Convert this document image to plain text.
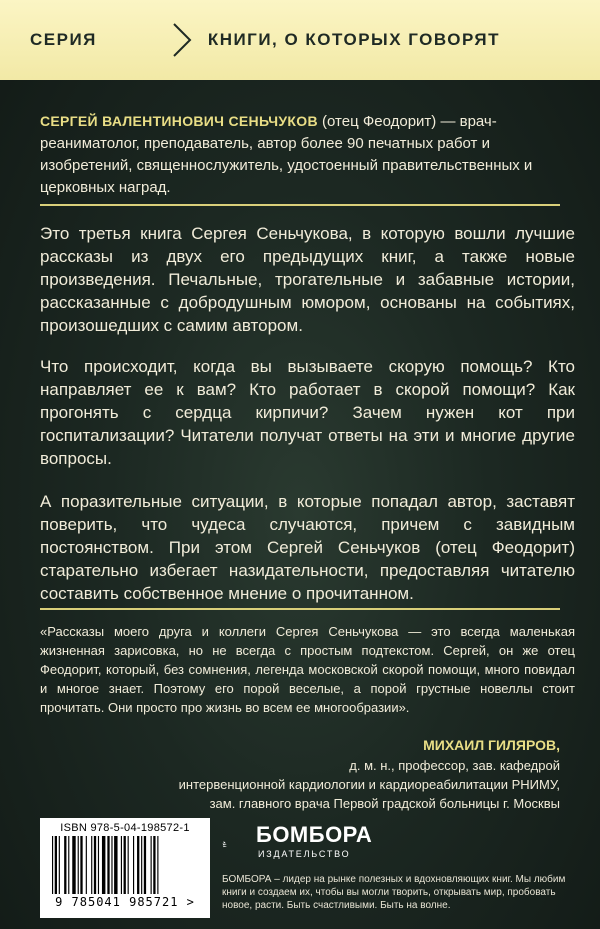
СЕРИЯ	КНИГИ, О КОТОРЫХ ГОВОРЯТ
СЕРГЕЙ ВАЛЕНТИНОВИЧ СЕНЬЧУКОВ (отец Феодорит) — врач-реаниматолог, преподаватель, автор более 90 печатных работ и изобретений, священнослужитель, удостоенный правительственных и церковных наград.

Это третья книга Сергея Сеньчукова, в которую вошли лучшие рассказы из двух его предыдущих книг, а также новые произведения. Печальные, трогательные и забавные истории, рассказанные с добродушным юмором, основаны на событиях, произошедших с самим автором.

Что происходит, когда вы вызываете скорую помощь? Кто направляет ее к вам? Кто работает в скорой помощи? Как прогонять с сердца кирпичи? Зачем нужен кот при госпитализации? Читатели получат ответы на эти и многие другие вопросы.

А поразительные ситуации, в которые попадал автор, заставят поверить, что чудеса случаются, причем с завидным постоянством. При этом Сергей Сеньчуков (отец Феодорит) старательно избегает назидательности, предоставляя читателю составить собственное мнение о прочитанном.

«Рассказы моего друга и коллеги Сергея Сеньчукова — это всегда маленькая жизненная зарисовка, но не всегда с простым подтекстом. Сергей, он же отец Феодорит, который, без сомнения, легенда московской скорой помощи, много повидал и многое знает. Поэтому его порой веселые, а порой грустные новеллы стоит прочитать. Они просто про жизнь во всем ее многообразии».

МИХАИЛ ГИЛЯРОВ,
д. м. н., профессор, зав. кафедрой
интервенционной кардиологии и кардиореабилитации РНИМУ,
зам. главного врача Первой градской больницы г. Москвы
ISBN 978-5-04-198572-1
9 785041 985721 >
БОМБОРА
ИЗДАТЕЛЬСТВО

БОМБОРА – лидер на рынке полезных и вдохновляющих книг. Мы любим книги и создаем их, чтобы вы могли творить, открывать мир, пробовать новое, расти. Быть счастливыми. Быть на волне.
